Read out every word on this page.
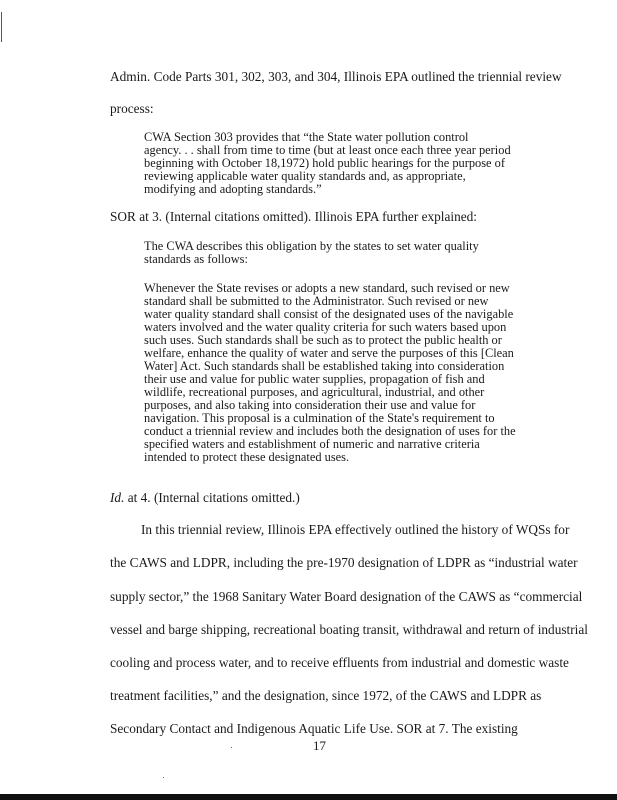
Admin. Code Parts 301, 302, 303, and 304, Illinois EPA outlined the triennial review
process:
CWA Section 303 provides that “the State water pollution control
agency. . . shall from time to time (but at least once each three year period
beginning with October 18,1972) hold public hearings for the purpose of
reviewing applicable water quality standards and, as appropriate,
modifying and adopting standards.”
SOR at 3. (Internal citations omitted). Illinois EPA further explained:
The CWA describes this obligation by the states to set water quality
standards as follows:
Whenever the State revises or adopts a new standard, such revised or new
standard shall be submitted to the Administrator. Such revised or new
water quality standard shall consist of the designated uses of the navigable
waters involved and the water quality criteria for such waters based upon
such uses. Such standards shall be such as to protect the public health or
welfare, enhance the quality of water and serve the purposes of this [Clean
Water] Act. Such standards shall be established taking into consideration
their use and value for public water supplies, propagation of fish and
wildlife, recreational purposes, and agricultural, industrial, and other
purposes, and also taking into consideration their use and value for
navigation. This proposal is a culmination of the State's requirement to
conduct a triennial review and includes both the designation of uses for the
specified waters and establishment of numeric and narrative criteria
intended to protect these designated uses.
Id. at 4. (Internal citations omitted.)
In this triennial review, Illinois EPA effectively outlined the history of WQSs for
the CAWS and LDPR, including the pre-1970 designation of LDPR as “industrial water
supply sector,” the 1968 Sanitary Water Board designation of the CAWS as “commercial
vessel and barge shipping, recreational boating transit, withdrawal and return of industrial
cooling and process water, and to receive effluents from industrial and domestic waste
treatment facilities,” and the designation, since 1972, of the CAWS and LDPR as
Secondary Contact and Indigenous Aquatic Life Use. SOR at 7. The existing
17
